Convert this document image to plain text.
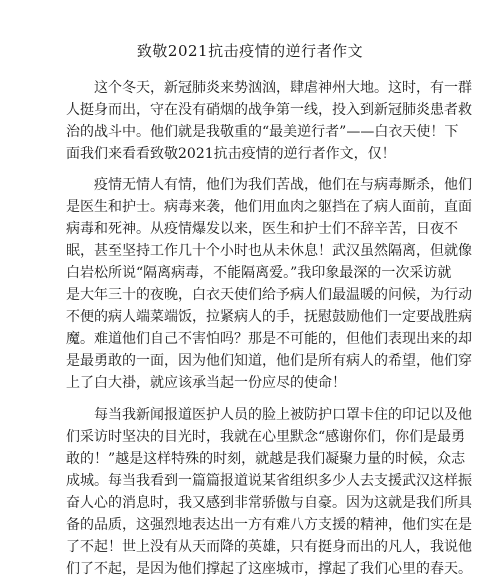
致敬2021抗击疫情的逆行者作文
这个冬天，新冠肺炎来势汹汹，肆虐神州大地。这时，有一群
人挺身而出，守在没有硝烟的战争第一线，投入到新冠肺炎患者救
治的战斗中。他们就是我敬重的“最美逆行者”——白衣天使！下
面我们来看看致敬2021抗击疫情的逆行者作文，仅！
疫情无情人有情，他们为我们苦战，他们在与病毒厮杀，他们
是医生和护士。病毒来袭，他们用血肉之躯挡在了病人面前，直面
病毒和死神。从疫情爆发以来，医生和护士们不辞辛苦，日夜不
眠，甚至坚持工作几十个小时也从未休息！武汉虽然隔离，但就像
白岩松所说“隔离病毒，不能隔离爱。”我印象最深的一次采访就
是大年三十的夜晚，白衣天使们给予病人们最温暖的问候，为行动
不便的病人端菜端饭，拉紧病人的手，抚慰鼓励他们一定要战胜病
魔。难道他们自己不害怕吗？那是不可能的，但他们表现出来的却
是最勇敢的一面，因为他们知道，他们是所有病人的希望，他们穿
上了白大褂，就应该承当起一份应尽的使命！
每当我新闻报道医护人员的脸上被防护口罩卡住的印记以及他
们采访时坚决的目光时，我就在心里默念“感谢你们，你们是最勇
敢的！”越是这样特殊的时刻，就越是我们凝聚力量的时候，众志
成城。每当我看到一篇篇报道说某省组织多少人去支援武汉这样振
奋人心的消息时，我又感到非常骄傲与自豪。因为这就是我们所具
备的品质，这强烈地表达出一方有难八方支援的精神，他们实在是
了不起！世上没有从天而降的英雄，只有挺身而出的凡人，我说他
们了不起，是因为他们撑起了这座城市，撑起了我们心里的春天。
